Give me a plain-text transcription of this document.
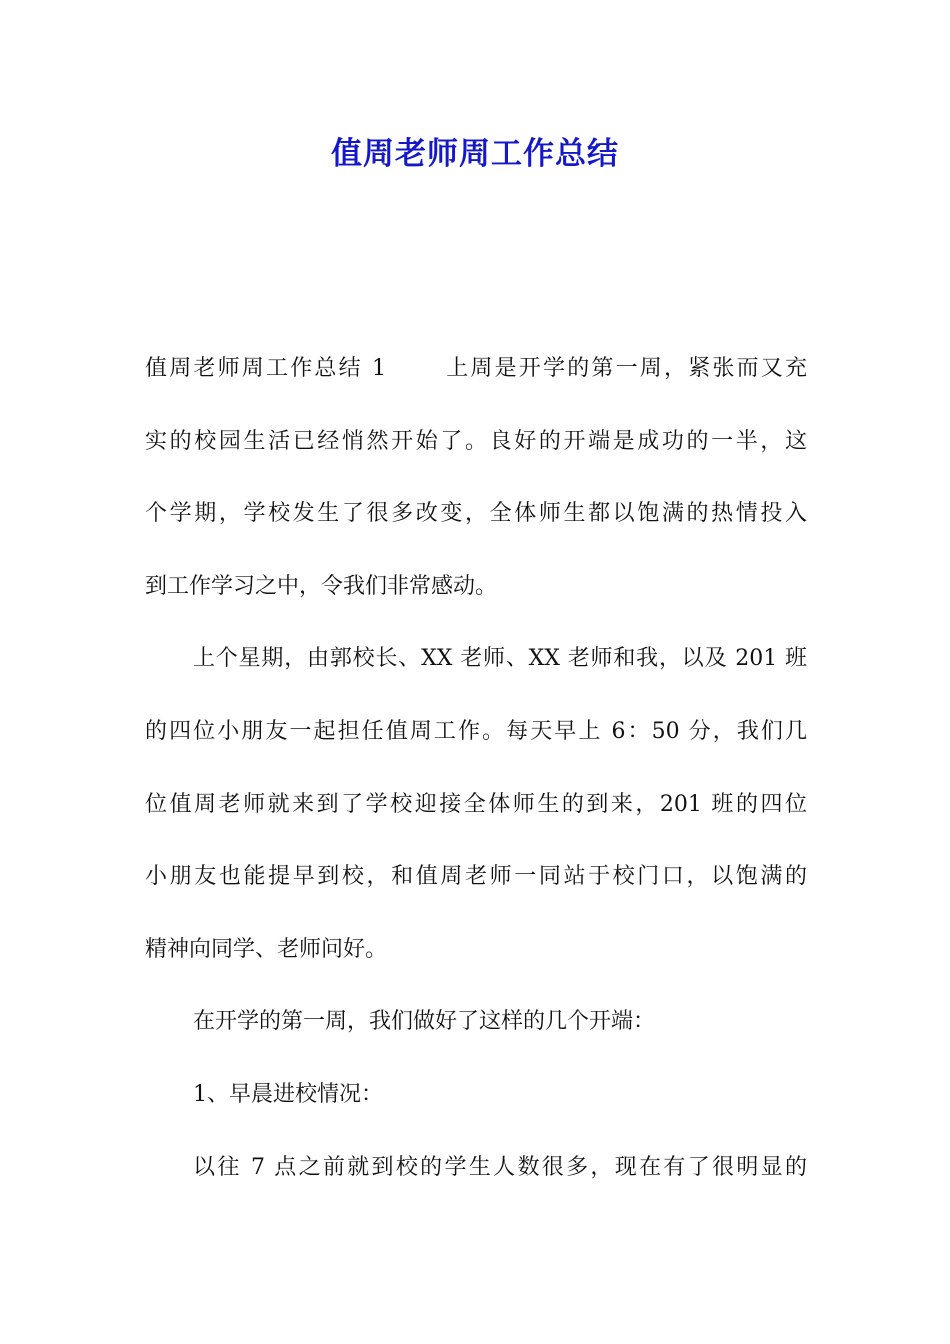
值周老师周工作总结
值周老师周工作总结 1	上周是开学的第一周，紧张而又充
实的校园生活已经悄然开始了。良好的开端是成功的一半，这
个学期，学校发生了很多改变，全体师生都以饱满的热情投入
到工作学习之中，令我们非常感动。
上个星期，由郭校长、XX 老师、XX 老师和我，以及 201 班
的四位小朋友一起担任值周工作。每天早上 6：50 分，我们几
位值周老师就来到了学校迎接全体师生的到来，201 班的四位
小朋友也能提早到校，和值周老师一同站于校门口，以饱满的
精神向同学、老师问好。
在开学的第一周，我们做好了这样的几个开端：
1、早晨进校情况：
以往 7 点之前就到校的学生人数很多，现在有了很明显的
